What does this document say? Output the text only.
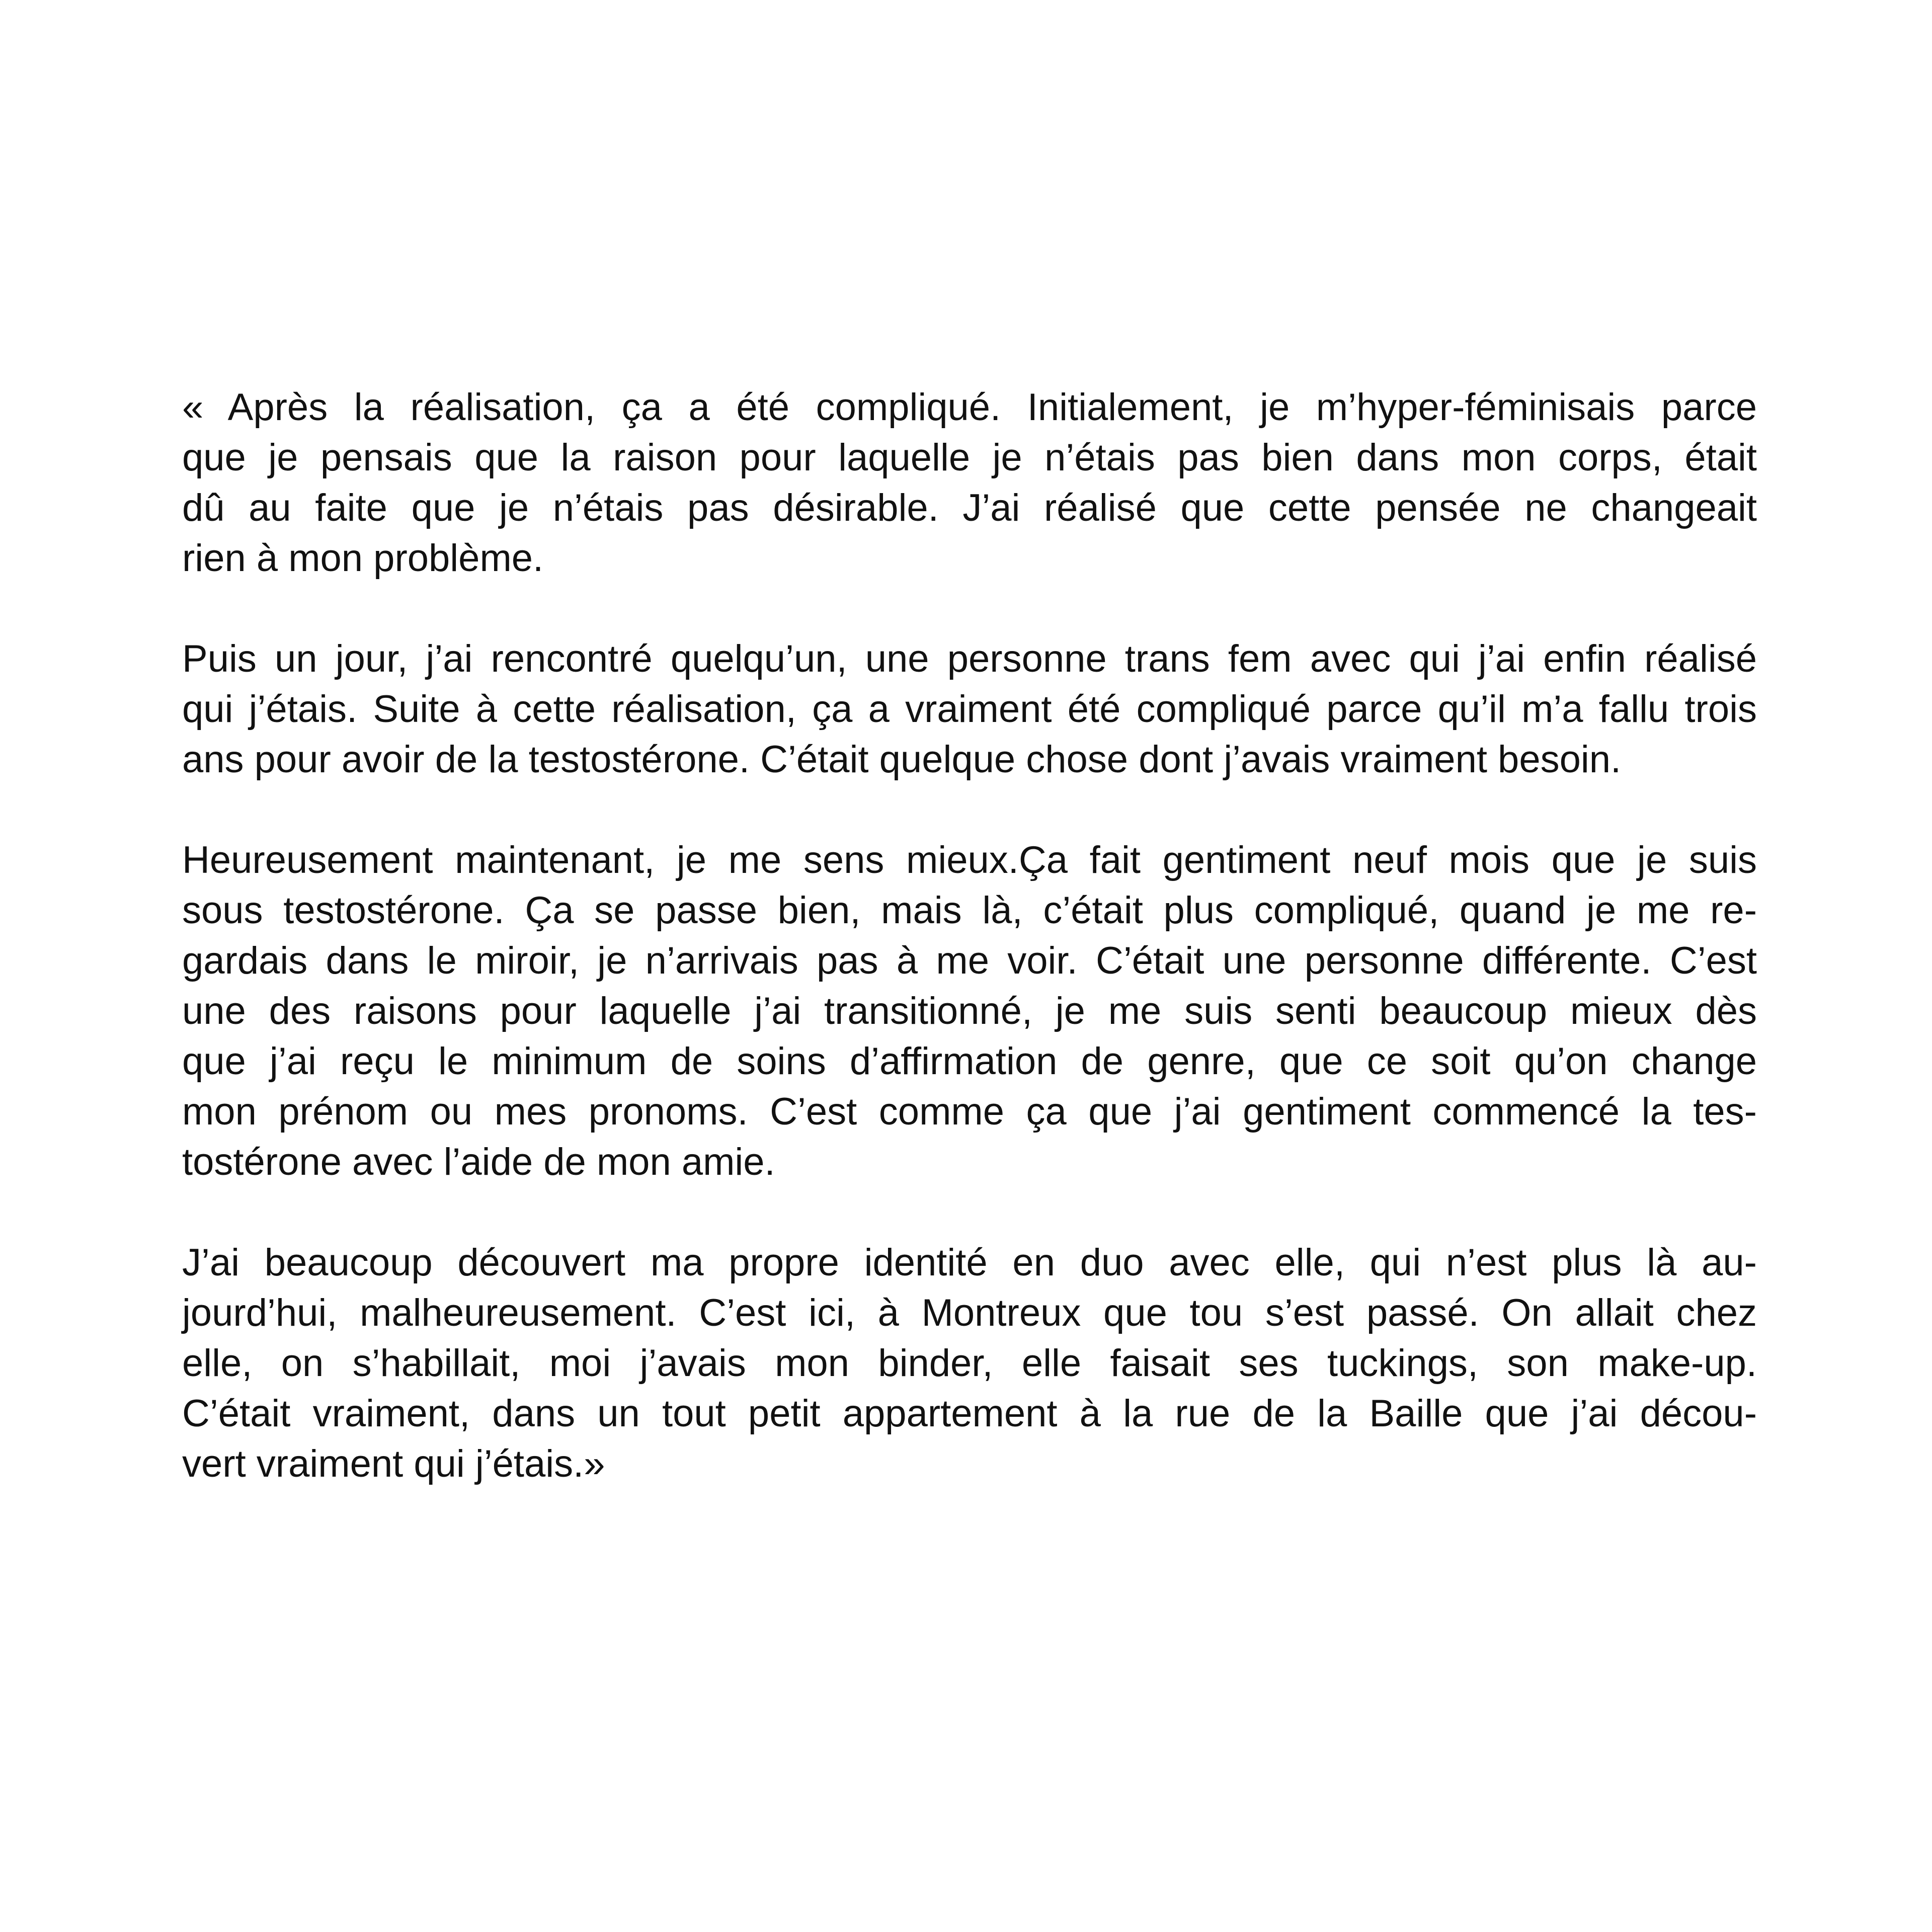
« Après la réalisation, ça a été compliqué. Initialement, je m’hyper-féminisais parce
que je pensais que la raison pour laquelle je n’étais pas bien dans mon corps, était
dû au faite que je n’étais pas désirable. J’ai réalisé que cette pensée ne changeait
rien à mon problème.

Puis un jour, j’ai rencontré quelqu’un, une personne trans fem avec qui j’ai enfin réalisé
qui j’étais. Suite à cette réalisation, ça a vraiment été compliqué parce qu’il m’a fallu trois
ans pour avoir de la testostérone. C’était quelque chose dont j’avais vraiment besoin.

Heureusement maintenant, je me sens mieux.Ça fait gentiment neuf mois que je suis
sous testostérone. Ça se passe bien, mais là, c’était plus compliqué, quand je me re-
gardais dans le miroir, je n’arrivais pas à me voir. C’était une personne différente. C’est
une des raisons pour laquelle j’ai transitionné, je me suis senti beaucoup mieux dès
que j’ai reçu le minimum de soins d’affirmation de genre, que ce soit qu’on change
mon prénom ou mes pronoms. C’est comme ça que j’ai gentiment commencé la tes-
tostérone avec l’aide de mon amie.

J’ai beaucoup découvert ma propre identité en duo avec elle, qui n’est plus là au-
jourd’hui, malheureusement. C’est ici, à Montreux que tou s’est passé. On allait chez
elle, on s’habillait, moi j’avais mon binder, elle faisait ses tuckings, son make-up.
C’était vraiment, dans un tout petit appartement à la rue de la Baille que j’ai décou-
vert vraiment qui j’étais.»
